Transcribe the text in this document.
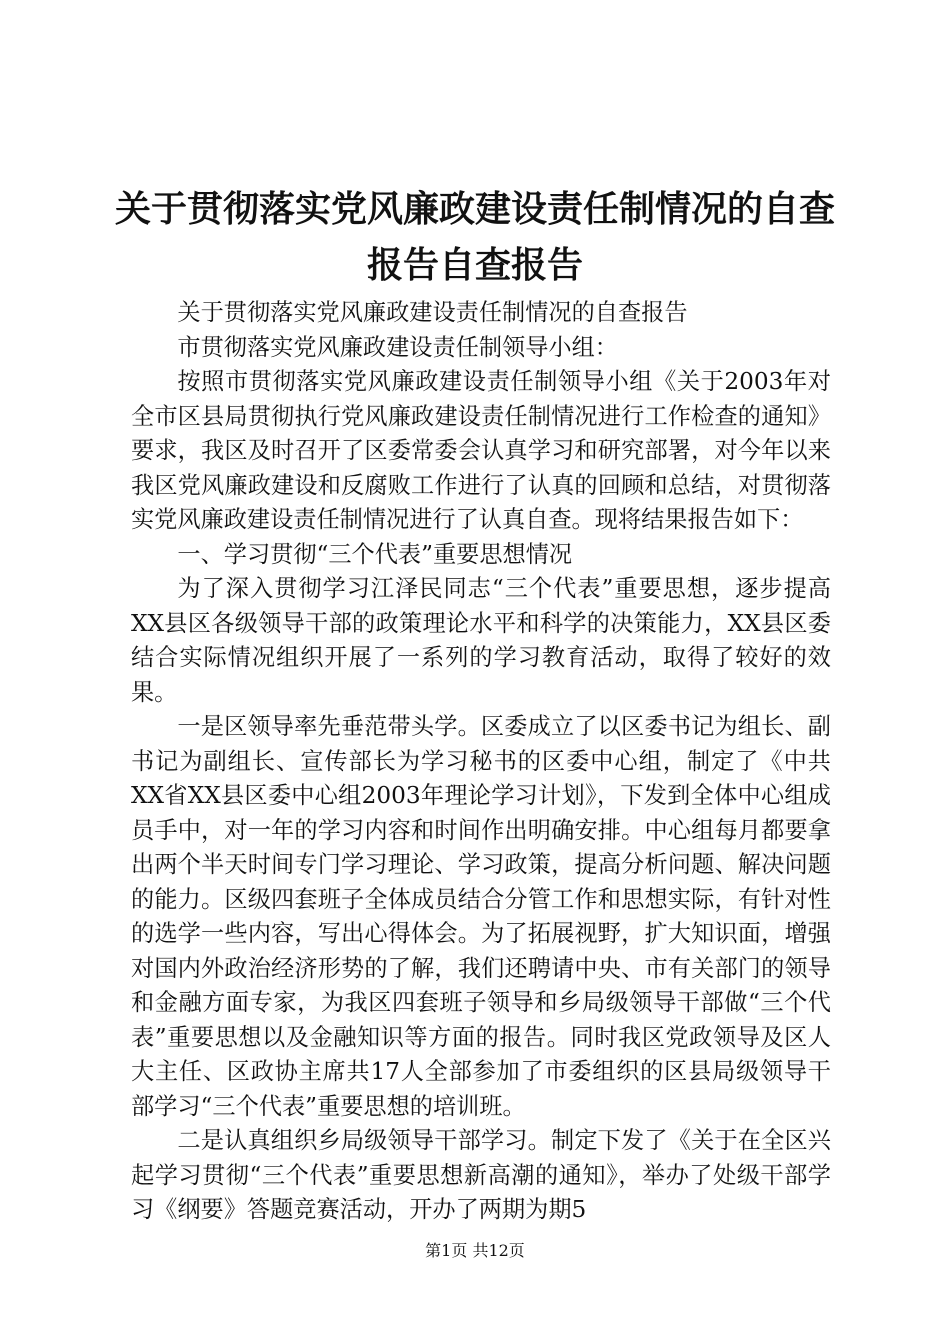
关于贯彻落实党风廉政建设责任制情况的自查
报告自查报告

关于贯彻落实党风廉政建设责任制情况的自查报告

市贯彻落实党风廉政建设责任制领导小组：

按照市贯彻落实党风廉政建设责任制领导小组《关于2003年对全市区县局贯彻执行党风廉政建设责任制情况进行工作检查的通知》要求，我区及时召开了区委常委会认真学习和研究部署，对今年以来我区党风廉政建设和反腐败工作进行了认真的回顾和总结，对贯彻落实党风廉政建设责任制情况进行了认真自查。现将结果报告如下：

一、学习贯彻“三个代表”重要思想情况

为了深入贯彻学习江泽民同志“三个代表”重要思想，逐步提高XX县区各级领导干部的政策理论水平和科学的决策能力，XX县区委结合实际情况组织开展了一系列的学习教育活动，取得了较好的效果。

一是区领导率先垂范带头学。区委成立了以区委书记为组长、副书记为副组长、宣传部长为学习秘书的区委中心组，制定了《中共XX省XX县区委中心组2003年理论学习计划》，下发到全体中心组成员手中，对一年的学习内容和时间作出明确安排。中心组每月都要拿出两个半天时间专门学习理论、学习政策，提高分析问题、解决问题的能力。区级四套班子全体成员结合分管工作和思想实际，有针对性的选学一些内容，写出心得体会。为了拓展视野，扩大知识面，增强对国内外政治经济形势的了解，我们还聘请中央、市有关部门的领导和金融方面专家，为我区四套班子领导和乡局级领导干部做“三个代表”重要思想以及金融知识等方面的报告。同时我区党政领导及区人大主任、区政协主席共17人全部参加了市委组织的区县局级领导干部学习“三个代表”重要思想的培训班。

二是认真组织乡局级领导干部学习。制定下发了《关于在全区兴起学习贯彻“三个代表”重要思想新高潮的通知》，举办了处级干部学习《纲要》答题竞赛活动，开办了两期为期5

第1页 共12页
